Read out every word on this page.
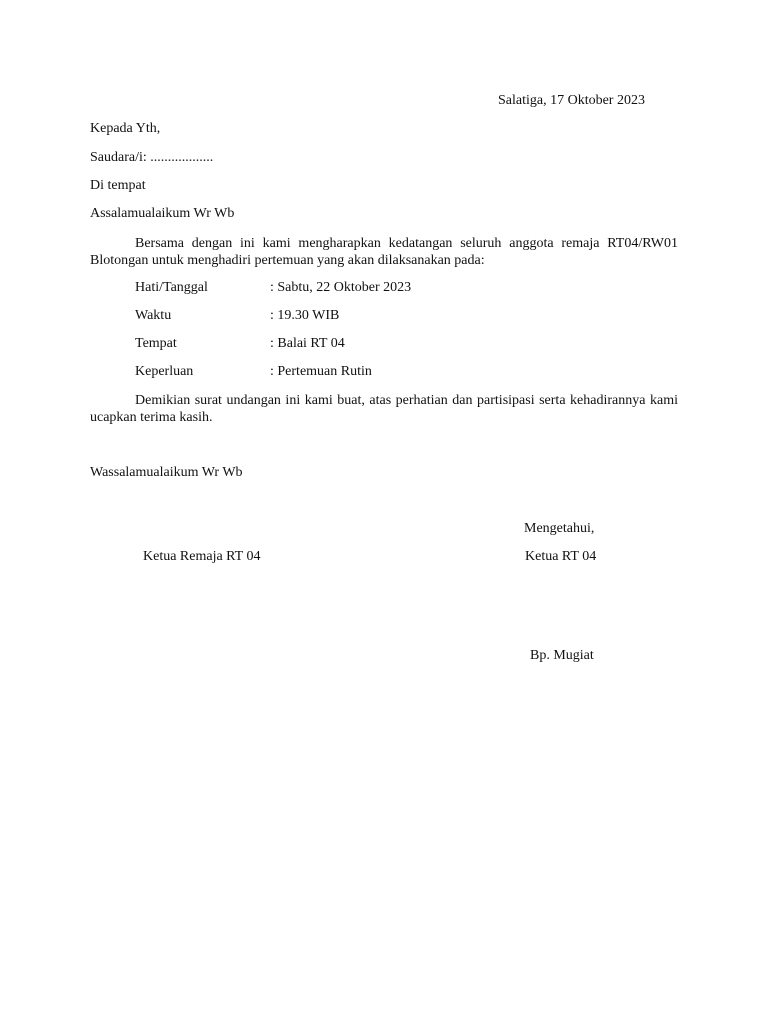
Salatiga, 17 Oktober 2023
Kepada Yth,
Saudara/i: ..................
Di tempat
Assalamualaikum Wr Wb
Bersama dengan ini kami mengharapkan kedatangan seluruh anggota remaja RT04/RW01 Blotongan untuk menghadiri pertemuan yang akan dilaksanakan pada:
Hati/Tanggal	: Sabtu, 22 Oktober 2023
Waktu	: 19.30 WIB
Tempat	: Balai RT 04
Keperluan	: Pertemuan Rutin
Demikian surat undangan ini kami buat, atas perhatian dan partisipasi serta kehadirannya kami ucapkan terima kasih.
Wassalamualaikum Wr Wb
Mengetahui,
Ketua Remaja RT 04	Ketua RT 04
Bp. Mugiat
